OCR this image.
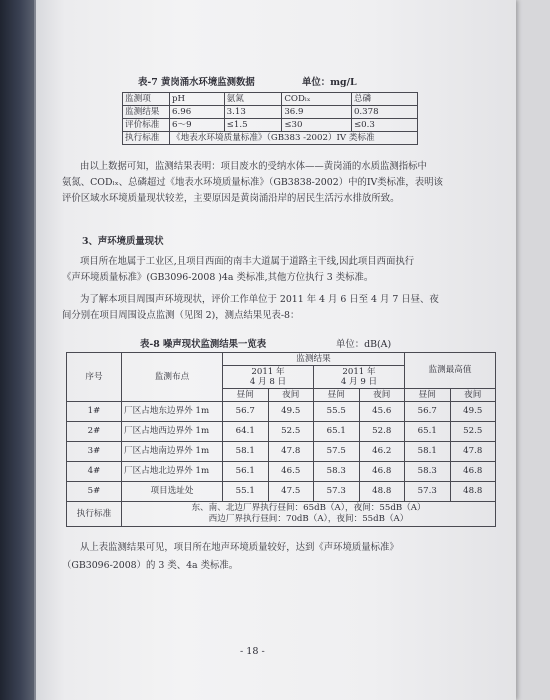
表-7 黄岗涌水环境监测数据	单位：mg/L
监测项	pH	氨氮	CODₗₓ	总磷
监测结果	6.96	3.13	36.9	0.378
评价标准	6～9	≤1.5	≤30	≤0.3
执行标准	《地表水环境质量标准》（GB383 -2002）IV 类标准			
由以上数据可知，监测结果表明：项目废水的受纳水体——黄岗涌的水质监测指标中
氨氮、CODₗₓ、总磷超过《地表水环境质量标准》（GB3838-2002）中的IV类标准，表明该
评价区域水环境质量现状较差，主要原因是黄岗涌沿岸的居民生活污水排放所致。
3、声环境质量现状
项目所在地属于工业区,且项目西面的南丰大道属于道路主干线,因此项目西面执行
《声环境质量标准》(GB3096-2008 )4a 类标准,其他方位执行 3 类标准。
为了解本项目周围声环境现状，评价工作单位于 2011 年 4 月 6 日至 4 月 7 日昼、夜
间分别在项目周围设点监测（见图 2)，测点结果见表-8：
表-8 噪声现状监测结果一览表	单位：dB(A)
序号	监测布点	监测结果				监测最高值	
		2011 年
4 月 8 日		2011 年
4 月 9 日			
		昼间	夜间	昼间	夜间	昼间	夜间
1#	厂区占地东边界外 1m	56.7	49.5	55.5	45.6	56.7	49.5
2#	厂区占地西边界外 1m	64.1	52.5	65.1	52.8	65.1	52.5
3#	厂区占地南边界外 1m	58.1	47.8	57.5	46.2	58.1	47.8
4#	厂区占地北边界外 1m	56.1	46.5	58.3	46.8	58.3	46.8
5#	项目选址处	55.1	47.5	57.3	48.8	57.3	48.8
执行标准	东、南、北边厂界执行昼间：65dB（A），夜间：55dB（A）
西边厂界执行昼间：70dB（A），夜间：55dB（A）						
从上表监测结果可见，项目所在地声环境质量较好，达到《声环境质量标准》
（GB3096-2008）的 3 类、4a 类标准。
- 18 -
